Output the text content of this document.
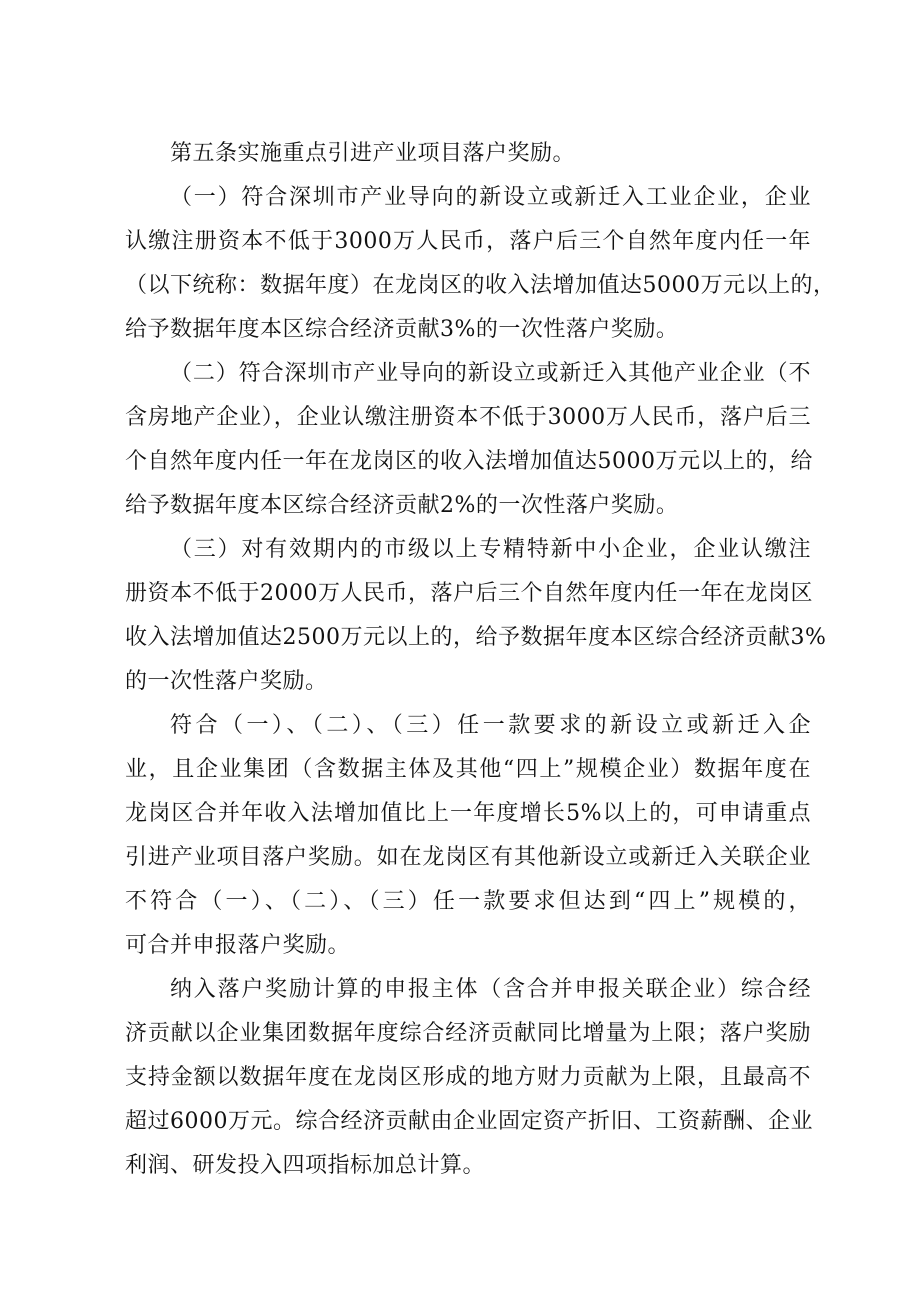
第五条实施重点引进产业项目落户奖励。
（一）符合深圳市产业导向的新设立或新迁入工业企业，企业
认缴注册资本不低于3000万人民币，落户后三个自然年度内任一年
（以下统称：数据年度）在龙岗区的收入法增加值达5000万元以上的，
给予数据年度本区综合经济贡献3%的一次性落户奖励。
（二）符合深圳市产业导向的新设立或新迁入其他产业企业（不
含房地产企业），企业认缴注册资本不低于3000万人民币，落户后三
个自然年度内任一年在龙岗区的收入法增加值达5000万元以上的，给
给予数据年度本区综合经济贡献2%的一次性落户奖励。
（三）对有效期内的市级以上专精特新中小企业，企业认缴注
册资本不低于2000万人民币，落户后三个自然年度内任一年在龙岗区
收入法增加值达2500万元以上的，给予数据年度本区综合经济贡献3%
的一次性落户奖励。
符合（一）、（二）、（三）任一款要求的新设立或新迁入企
业，且企业集团（含数据主体及其他“四上”规模企业）数据年度在
龙岗区合并年收入法增加值比上一年度增长5%以上的，可申请重点
引进产业项目落户奖励。如在龙岗区有其他新设立或新迁入关联企业
不符合（一）、（二）、（三）任一款要求但达到“四上”规模的，
可合并申报落户奖励。
纳入落户奖励计算的申报主体（含合并申报关联企业）综合经
济贡献以企业集团数据年度综合经济贡献同比增量为上限；落户奖励
支持金额以数据年度在龙岗区形成的地方财力贡献为上限，且最高不
超过6000万元。综合经济贡献由企业固定资产折旧、工资薪酬、企业
利润、研发投入四项指标加总计算。
